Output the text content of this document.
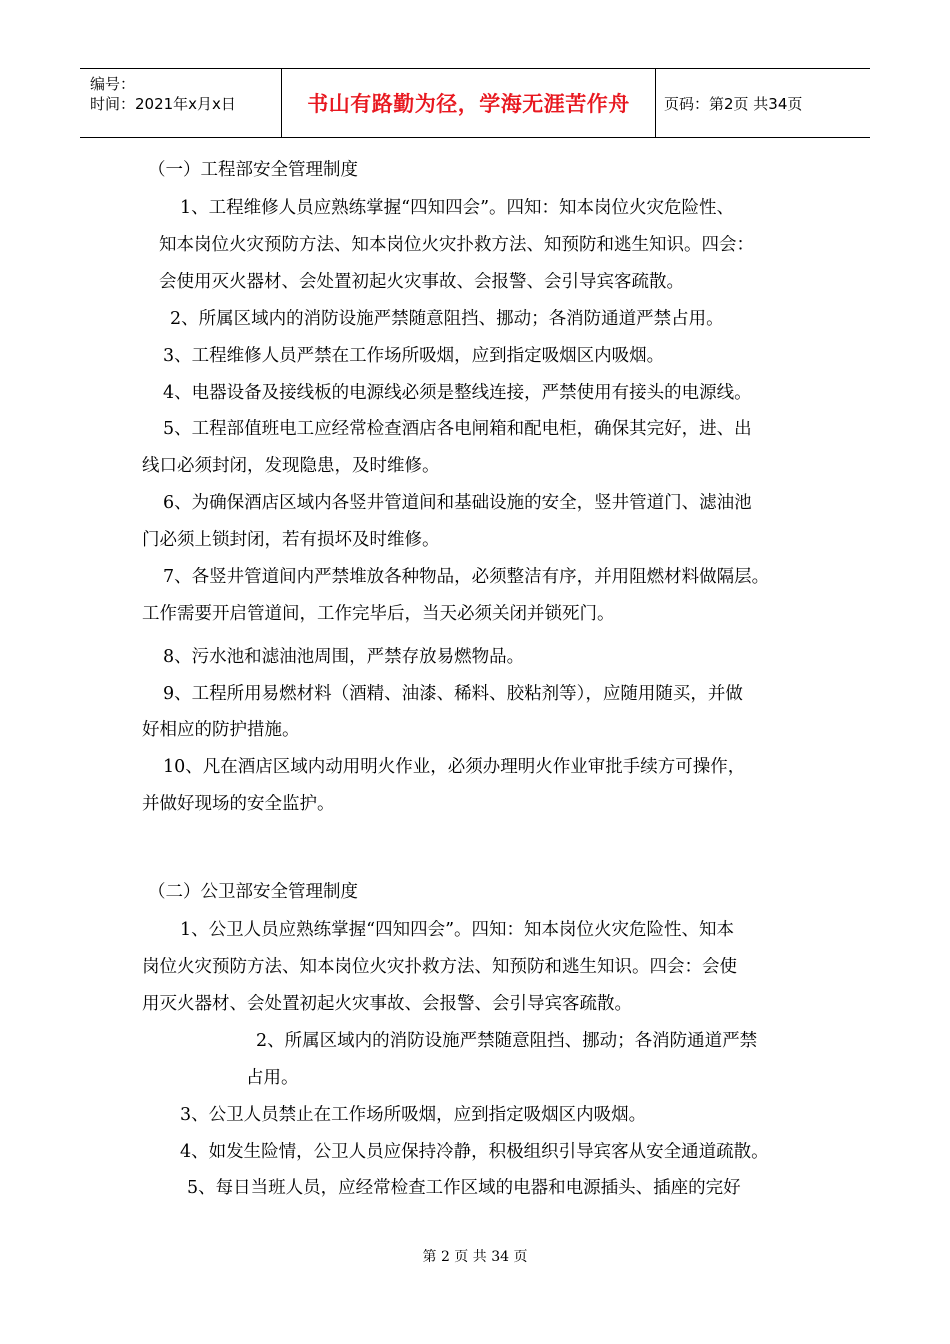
编号：
时间：2021年x月x日	书山有路勤为径，学海无涯苦作舟 页码：第2页 共34页
（一）工程部安全管理制度
1、工程维修人员应熟练掌握“四知四会”。四知：知本岗位火灾危险性、
知本岗位火灾预防方法、知本岗位火灾扑救方法、知预防和逃生知识。四会：
会使用灭火器材、会处置初起火灾事故、会报警、会引导宾客疏散。
2、所属区域内的消防设施严禁随意阻挡、挪动；各消防通道严禁占用。
3、工程维修人员严禁在工作场所吸烟，应到指定吸烟区内吸烟。
4、电器设备及接线板的电源线必须是整线连接，严禁使用有接头的电源线。
5、工程部值班电工应经常检查酒店各电闸箱和配电柜，确保其完好，进、出
线口必须封闭，发现隐患，及时维修。
6、为确保酒店区域内各竖井管道间和基础设施的安全，竖井管道门、滤油池
门必须上锁封闭，若有损坏及时维修。
7、各竖井管道间内严禁堆放各种物品，必须整洁有序，并用阻燃材料做隔层。
工作需要开启管道间，工作完毕后，当天必须关闭并锁死门。
8、污水池和滤油池周围，严禁存放易燃物品。
9、工程所用易燃材料（酒精、油漆、稀料、胶粘剂等），应随用随买，并做
好相应的防护措施。
10、凡在酒店区域内动用明火作业，必须办理明火作业审批手续方可操作，
并做好现场的安全监护。
（二）公卫部安全管理制度
1、公卫人员应熟练掌握“四知四会”。四知：知本岗位火灾危险性、知本
岗位火灾预防方法、知本岗位火灾扑救方法、知预防和逃生知识。四会：会使
用灭火器材、会处置初起火灾事故、会报警、会引导宾客疏散。
2、所属区域内的消防设施严禁随意阻挡、挪动；各消防通道严禁
占用。
3、公卫人员禁止在工作场所吸烟，应到指定吸烟区内吸烟。
4、如发生险情，公卫人员应保持冷静，积极组织引导宾客从安全通道疏散。
5、每日当班人员，应经常检查工作区域的电器和电源插头、插座的完好
第 2 页 共 34 页
